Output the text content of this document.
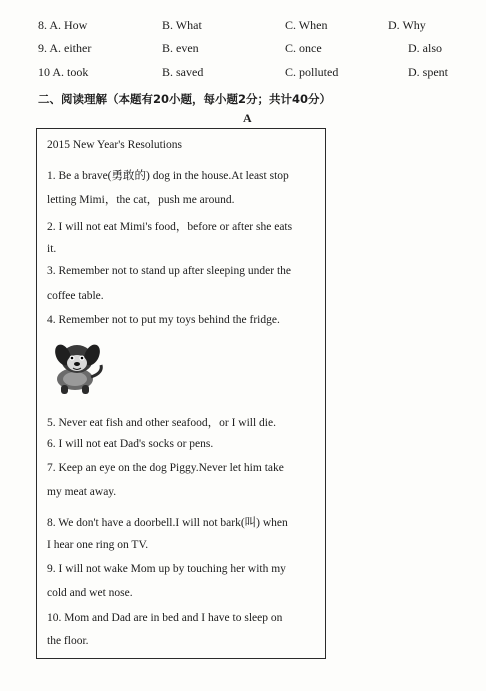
8. A. How	B. What	C. When	D. Why
9. A. either	B. even	C. once	D. also
10 A. took	B. saved	C. polluted	D. spent
二、阅读理解（本题有20小题，每小题2分；共计40分）
A
2015 New Year's Resolutions
1. Be a brave(勇敢的) dog in the house.At least stop
letting Mimi，the cat，push me around.
2. I will not eat Mimi's food，before or after she eats
it.
3. Remember not to stand up after sleeping under the
coffee table.
4. Remember not to put my toys behind the fridge.
5. Never eat fish and other seafood，or I will die.
6. I will not eat Dad's socks or pens.
7. Keep an eye on the dog Piggy.Never let him take
my meat away.
8. We don't have a doorbell.I will not bark(叫) when
I hear one ring on TV.
9. I will not wake Mom up by touching her with my
cold and wet nose.
10. Mom and Dad are in bed and I have to sleep on
the floor.
